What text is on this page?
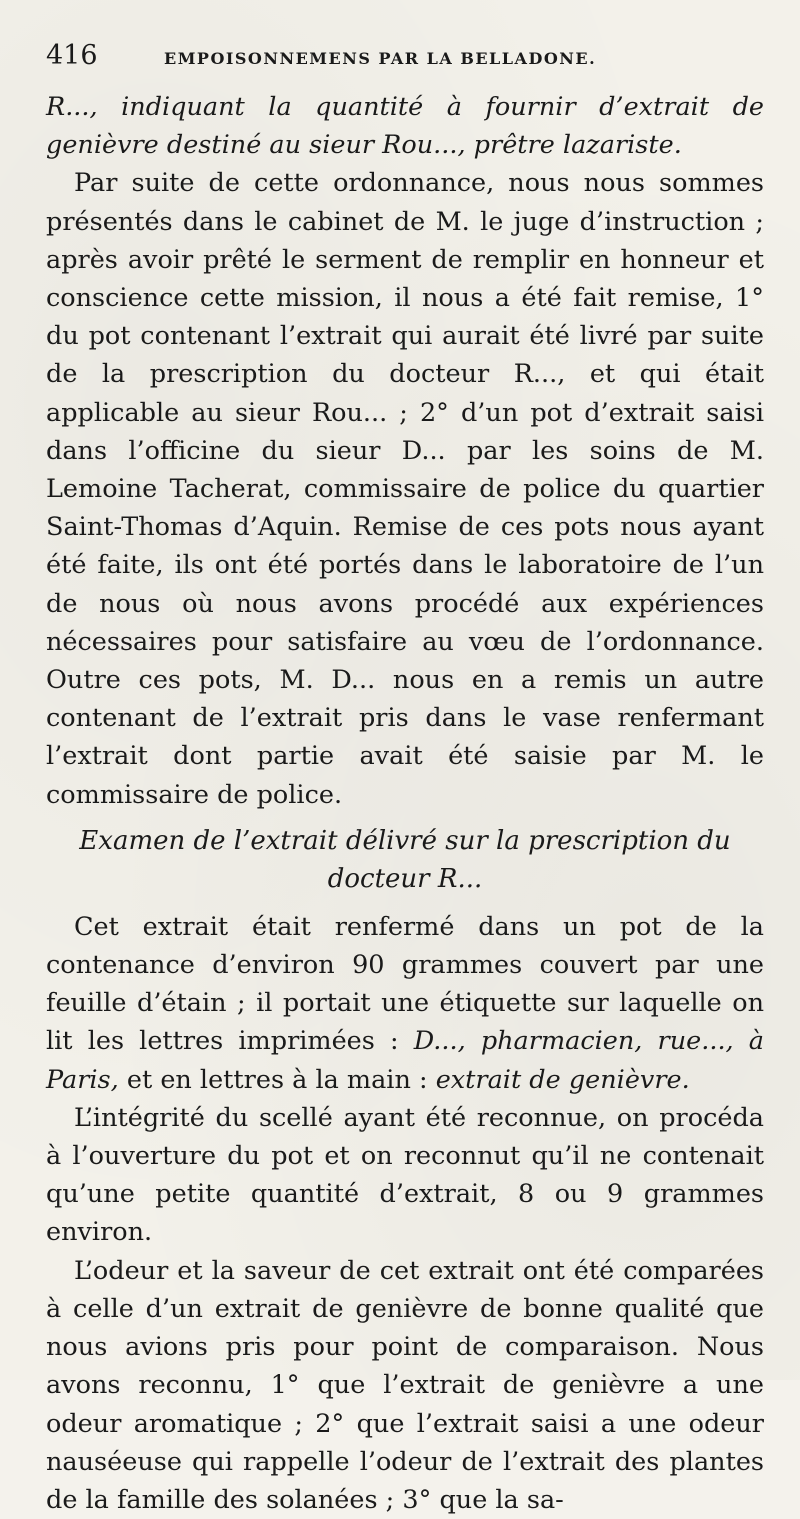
416	EMPOISONNEMENS PAR LA BELLADONE.

R..., indiquant la quantité à fournir d’extrait de genièvre destiné au sieur Rou..., prêtre lazariste.

Par suite de cette ordonnance, nous nous sommes présentés dans le cabinet de M. le juge d’instruction ; après avoir prêté le serment de remplir en honneur et conscience cette mission, il nous a été fait remise, 1° du pot contenant l’extrait qui aurait été livré par suite de la prescription du docteur R..., et qui était applicable au sieur Rou... ; 2° d’un pot d’extrait saisi dans l’officine du sieur D... par les soins de M. Lemoine Tacherat, commissaire de police du quartier Saint-Thomas d’Aquin. Remise de ces pots nous ayant été faite, ils ont été portés dans le laboratoire de l’un de nous où nous avons procédé aux expériences nécessaires pour satisfaire au vœu de l’ordonnance. Outre ces pots, M. D... nous en a remis un autre contenant de l’extrait pris dans le vase renfermant l’extrait dont partie avait été saisie par M. le commissaire de police.

Examen de l’extrait délivré sur la prescription du docteur R...

Cet extrait était renfermé dans un pot de la contenance d’environ 90 grammes couvert par une feuille d’étain ; il portait une étiquette sur laquelle on lit les lettres imprimées : D..., pharmacien, rue..., à Paris, et en lettres à la main : extrait de genièvre.

L’intégrité du scellé ayant été reconnue, on procéda à l’ouverture du pot et on reconnut qu’il ne contenait qu’une petite quantité d’extrait, 8 ou 9 grammes environ.

L’odeur et la saveur de cet extrait ont été comparées à celle d’un extrait de genièvre de bonne qualité que nous avions pris pour point de comparaison. Nous avons reconnu, 1° que l’extrait de genièvre a une odeur aromatique ; 2° que l’extrait saisi a une odeur nauséeuse qui rappelle l’odeur de l’extrait des plantes de la famille des solanées ; 3° que la sa-
